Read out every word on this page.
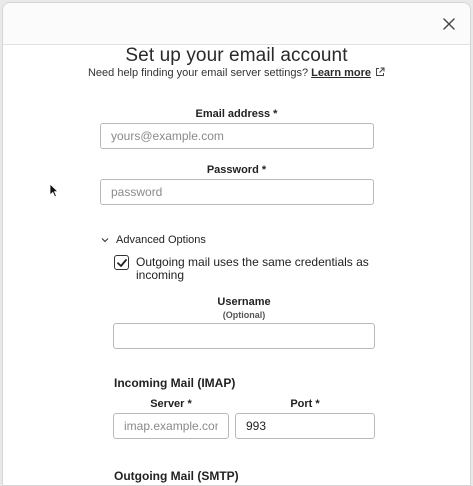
Set up your email account
Need help finding your email server settings? Learn more
Email address *
yours@example.com
Password *
Advanced Options
Outgoing mail uses the same credentials as incoming
Username
(Optional)
Incoming Mail (IMAP)
Server *
imap.example.com	Port *
993
Outgoing Mail (SMTP)
